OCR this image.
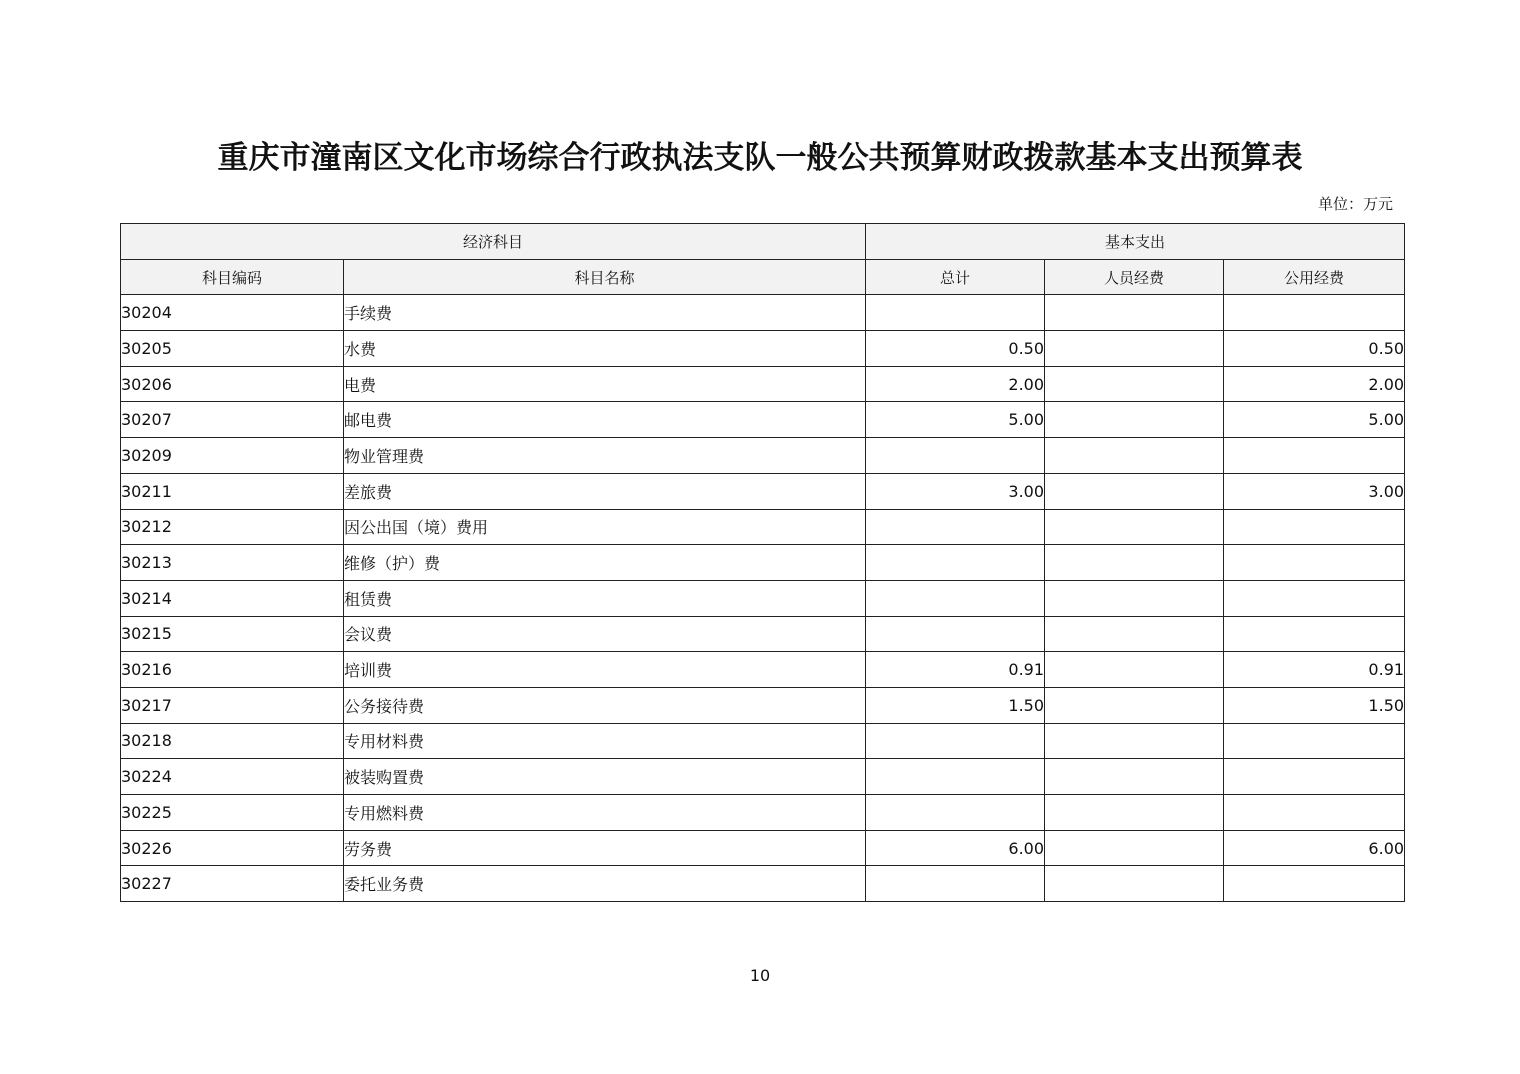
重庆市潼南区文化市场综合行政执法支队一般公共预算财政拨款基本支出预算表
单位：万元
经济科目		基本支出		
科目编码	科目名称	总计	人员经费	公用经费
30204	手续费			
30205	水费	0.50		0.50
30206	电费	2.00		2.00
30207	邮电费	5.00		5.00
30209	物业管理费			
30211	差旅费	3.00		3.00
30212	因公出国（境）费用			
30213	维修（护）费			
30214	租赁费			
30215	会议费			
30216	培训费	0.91		0.91
30217	公务接待费	1.50		1.50
30218	专用材料费			
30224	被装购置费			
30225	专用燃料费			
30226	劳务费	6.00		6.00
30227	委托业务费			
10
